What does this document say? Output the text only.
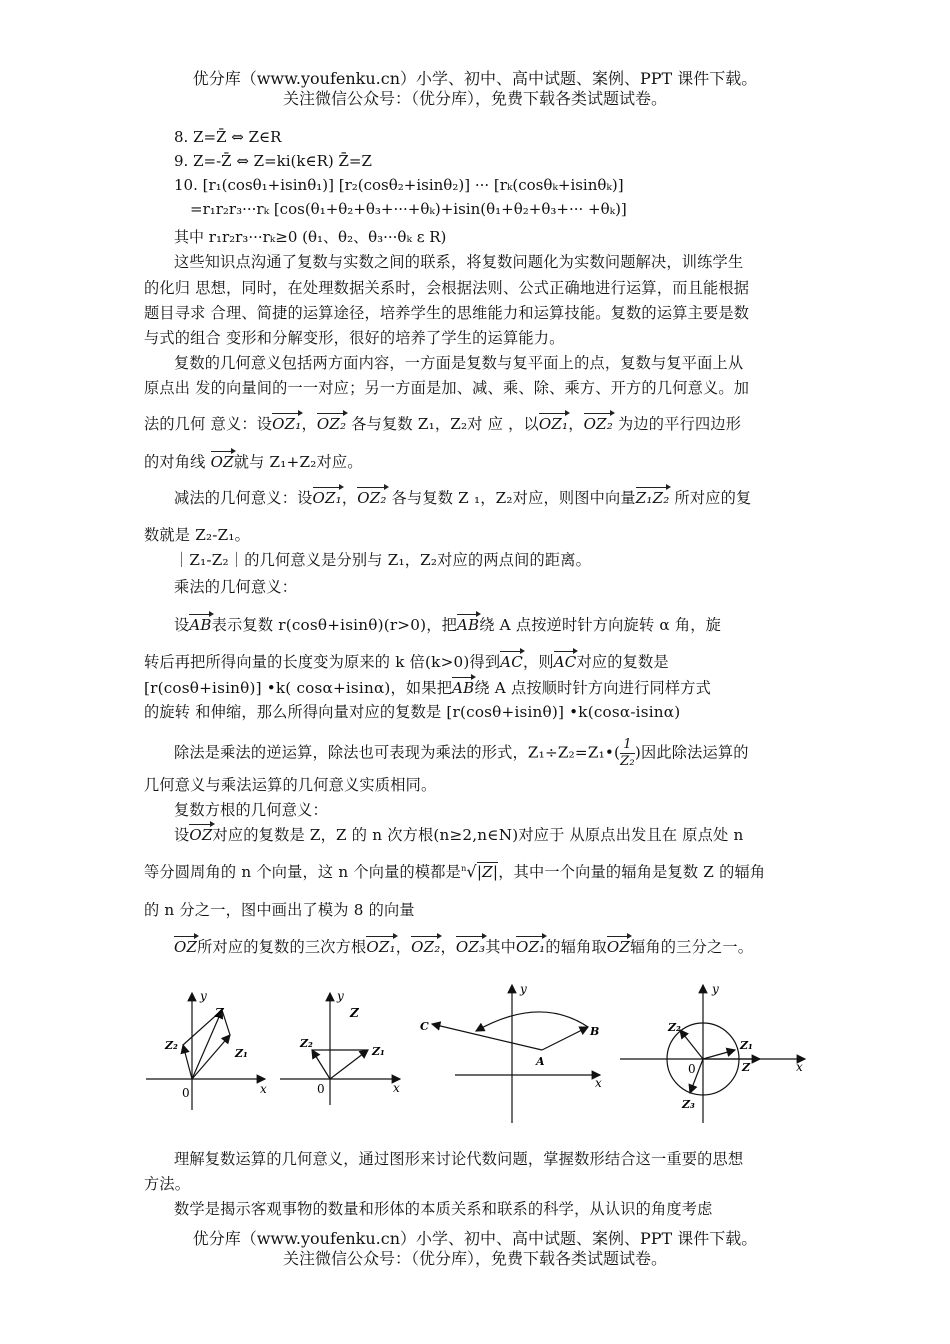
优分库（www.youfenku.cn）小学、初中、高中试题、案例、PPT 课件下载。
关注微信公众号：（优分库），免费下载各类试题试卷。
8. Z=Z̄ ⇔ Z∈R
9. Z=-Z̄ ⇔ Z=ki(k∈R) Z̄̄=Z
10. [r₁(cosθ₁+isinθ₁)] [r₂(cosθ₂+isinθ₂)] ··· [rₖ(cosθₖ+isinθₖ)]
=r₁r₂r₃···rₖ [cos(θ₁+θ₂+θ₃+···+θₖ)+isin(θ₁+θ₂+θ₃+··· +θₖ)]
其中 r₁r₂r₃···rₖ≥0 (θ₁、θ₂、θ₃···θₖ ε R)
这些知识点沟通了复数与实数之间的联系，将复数问题化为实数问题解决，训练学生
的化归 思想，同时，在处理数据关系时，会根据法则、公式正确地进行运算，而且能根据
题目寻求 合理、简捷的运算途径，培养学生的思维能力和运算技能。复数的运算主要是数
与式的组合 变形和分解变形，很好的培养了学生的运算能力。
复数的几何意义包括两方面内容，一方面是复数与复平面上的点，复数与复平面上从
原点出 发的向量间的一一对应；另一方面是加、减、乘、除、乘方、开方的几何意义。加
法的几何 意义：设OZ₁，OZ₂ 各与复数 Z₁，Z₂对 应 ，以OZ₁，OZ₂ 为边的平行四边形
的对角线 OZ就与 Z₁+Z₂对应。
减法的几何意义：设OZ₁，OZ₂ 各与复数 Z ₁，Z₂对应，则图中向量Z₁Z₂ 所对应的复
数就是 Z₂-Z₁。
｜Z₁-Z₂｜的几何意义是分别与 Z₁，Z₂对应的两点间的距离。
乘法的几何意义：
设AB表示复数 r(cosθ+isinθ)(r>0)，把AB绕 A 点按逆时针方向旋转 α 角，旋
转后再把所得向量的长度变为原来的 k 倍(k>0)得到AC，则AC对应的复数是
[r(cosθ+isinθ)] •k( cosα+isinα)，如果把AB绕 A 点按顺时针方向进行同样方式
的旋转 和伸缩，那么所得向量对应的复数是 [r(cosθ+isinθ)] •k(cosα-isinα)
除法是乘法的逆运算，除法也可表现为乘法的形式，Z₁÷Z₂=Z₁•( $\frac{1}{\text{Z₂}}$ )因此除法运算的
几何意义与乘法运算的几何意义实质相同。
复数方根的几何意义：
设OZ对应的复数是 Z，Z 的 n 次方根(n≥2,n∈N)对应于 从原点出发且在 原点处 n
等分圆周角的 n 个向量，这 n 个向量的模都是$^n$√|Z|，其中一个向量的辐角是复数 Z 的辐角
的 n 分之一，图中画出了模为 8 的向量
OZ所对应的复数的三次方根OZ₁，OZ₂，OZ₃其中OZ₁的辐角取OZ辐角的三分之一。
y
x
0
Z
Z₁
Z₂
y
x
0
Z
Z₁
Z₂
y
x
A
B
C
y
x
0	Z
Z₁
Z₂
Z₃
理解复数运算的几何意义，通过图形来讨论代数问题，掌握数形结合这一重要的思想
方法。
数学是揭示客观事物的数量和形体的本质关系和联系的科学，从认识的角度考虑
优分库（www.youfenku.cn）小学、初中、高中试题、案例、PPT 课件下载。
关注微信公众号：（优分库），免费下载各类试题试卷。
